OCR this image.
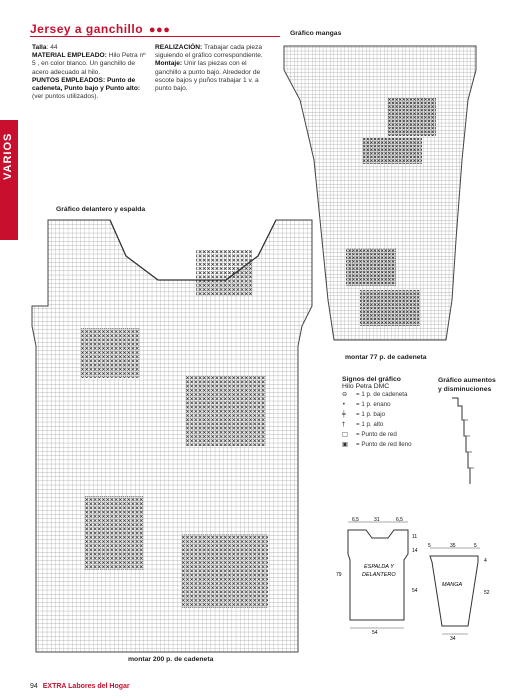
Jersey a ganchillo ●●●
VARIOS
Talla: 44
MATERIAL EMPLEADO: Hilo Petra nº 5 , en color blanco. Un ganchillo de acero adecuado al hilo.
PUNTOS EMPLEADOS: Punto de cadeneta, Punto bajo y Punto alto: (ver puntos utilizados).
REALIZACIÓN: Trabajar cada pieza siguiendo el gráfico correspondiente. Montaje: Unir las piezas con el ganchillo a punto bajo. Alrededor de escote bajos y puños trabajar 1 v. a punto bajo.
Gráfico mangas
montar 77 p. de cadeneta
Gráfico delantero y espalda
montar 200 p. de cadeneta
Signos del gráfico
Hilo Petra DMC
⊖ = 1 p. de cadeneta
• = 1 p. enano
╪ = 1 p. bajo
† = 1 p. alto
□ = Punto de red
▣ = Punto de red lleno
Gráfico aumentos
y disminuciones
6,5	31	6,5
11
14
54
79
54
ESPALDA Y
DELANTERO
5	35	5
4
52
34
MANGA
94 EXTRA Labores del Hogar
